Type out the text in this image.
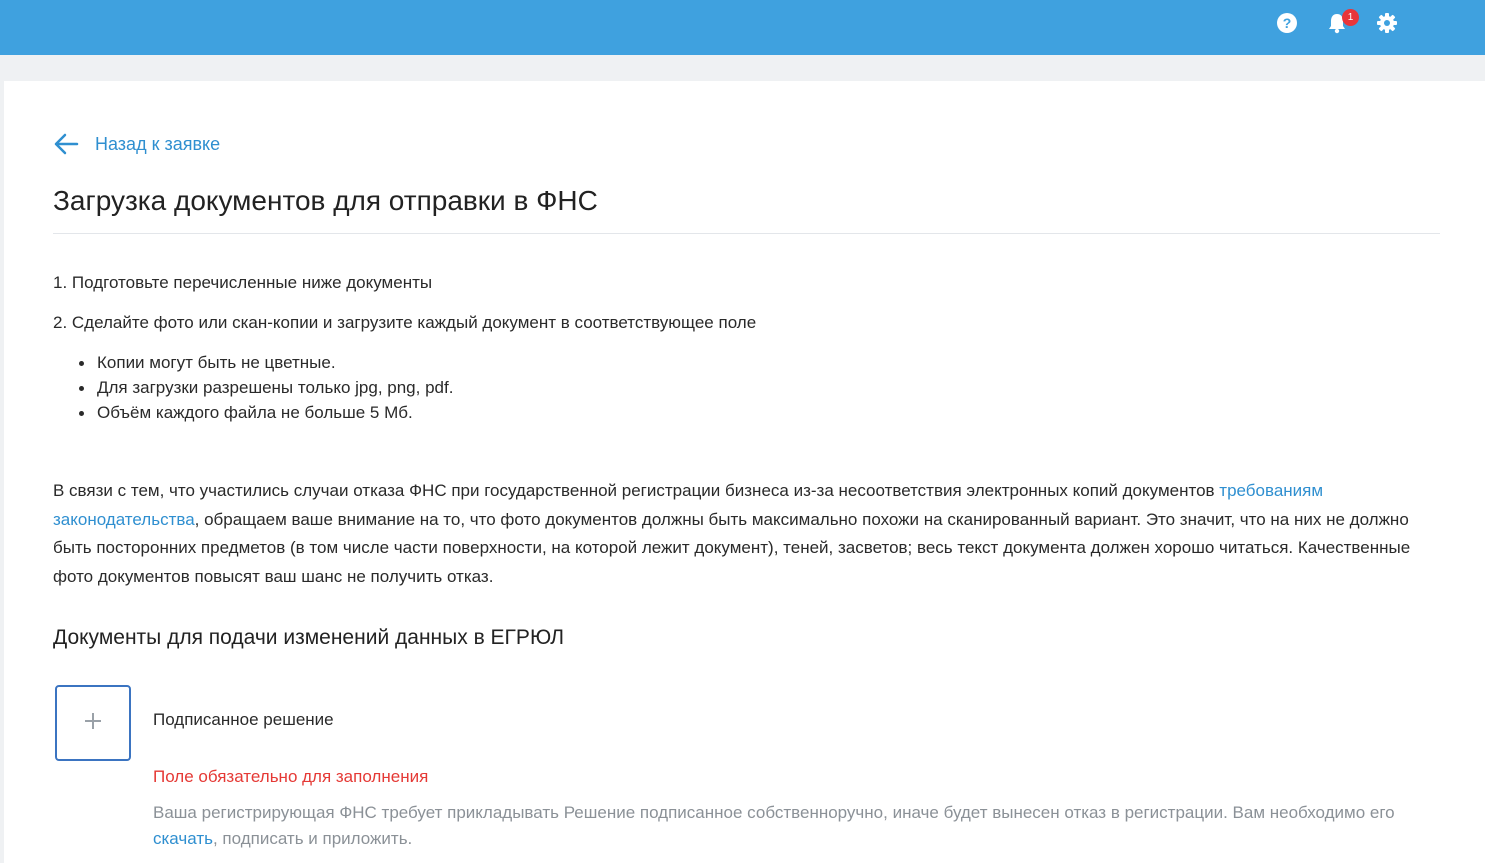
?	1
Назад к заявке
Загрузка документов для отправки в ФНС
1. Подготовьте перечисленные ниже документы
2. Сделайте фото или скан-копии и загрузите каждый документ в соответствующее поле
Копии могут быть не цветные.
Для загрузки разрешены только jpg, png, pdf.
Объём каждого файла не больше 5 Мб.

В связи с тем, что участились случаи отказа ФНС при государственной регистрации бизнеса из-за несоответствия электронных копий документов требованиям законодательства, обращаем ваше внимание на то, что фото документов должны быть максимально похожи на сканированный вариант. Это значит, что на них не должно быть посторонних предметов (в том числе части поверхности, на которой лежит документ), теней, засветов; весь текст документа должен хорошо читаться. Качественные фото документов повысят ваш шанс не получить отказ.

Документы для подачи изменений данных в ЕГРЮЛ
Подписанное решение
Поле обязательно для заполнения

Ваша регистрирующая ФНС требует прикладывать Решение подписанное собственноручно, иначе будет вынесен отказ в регистрации. Вам необходимо его скачать, подписать и приложить.
